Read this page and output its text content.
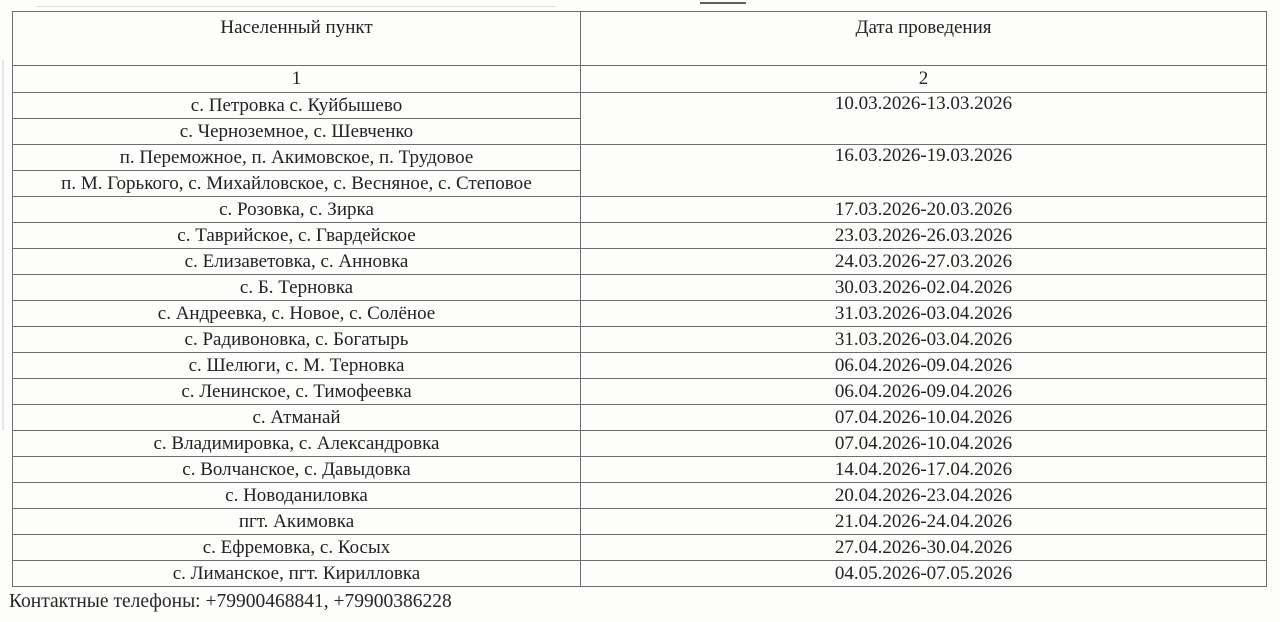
Населенный пункт	Дата проведения
1	2
с. Петровка с. Куйбышево	10.03.2026-13.03.2026
с. Черноземное, с. Шевченко	
п. Переможное, п. Акимовское, п. Трудовое	16.03.2026-19.03.2026
п. М. Горького, с. Михайловское, с. Весняное, с. Степовое	
с. Розовка, с. Зирка	17.03.2026-20.03.2026
с. Таврийское, с. Гвардейское	23.03.2026-26.03.2026
с. Елизаветовка, с. Анновка	24.03.2026-27.03.2026
с. Б. Терновка	30.03.2026-02.04.2026
с. Андреевка, с. Новое, с. Солёное	31.03.2026-03.04.2026
с. Радивоновка, с. Богатырь	31.03.2026-03.04.2026
с. Шелюги, с. М. Терновка	06.04.2026-09.04.2026
с. Ленинское, с. Тимофеевка	06.04.2026-09.04.2026
с. Атманай	07.04.2026-10.04.2026
с. Владимировка, с. Александровка	07.04.2026-10.04.2026
с. Волчанское, с. Давыдовка	14.04.2026-17.04.2026
с. Новоданиловка	20.04.2026-23.04.2026
пгт. Акимовка	21.04.2026-24.04.2026
с. Ефремовка, с. Косых	27.04.2026-30.04.2026
с. Лиманское, пгт. Кирилловка	04.05.2026-07.05.2026
Контактные телефоны: +79900468841, +79900386228
